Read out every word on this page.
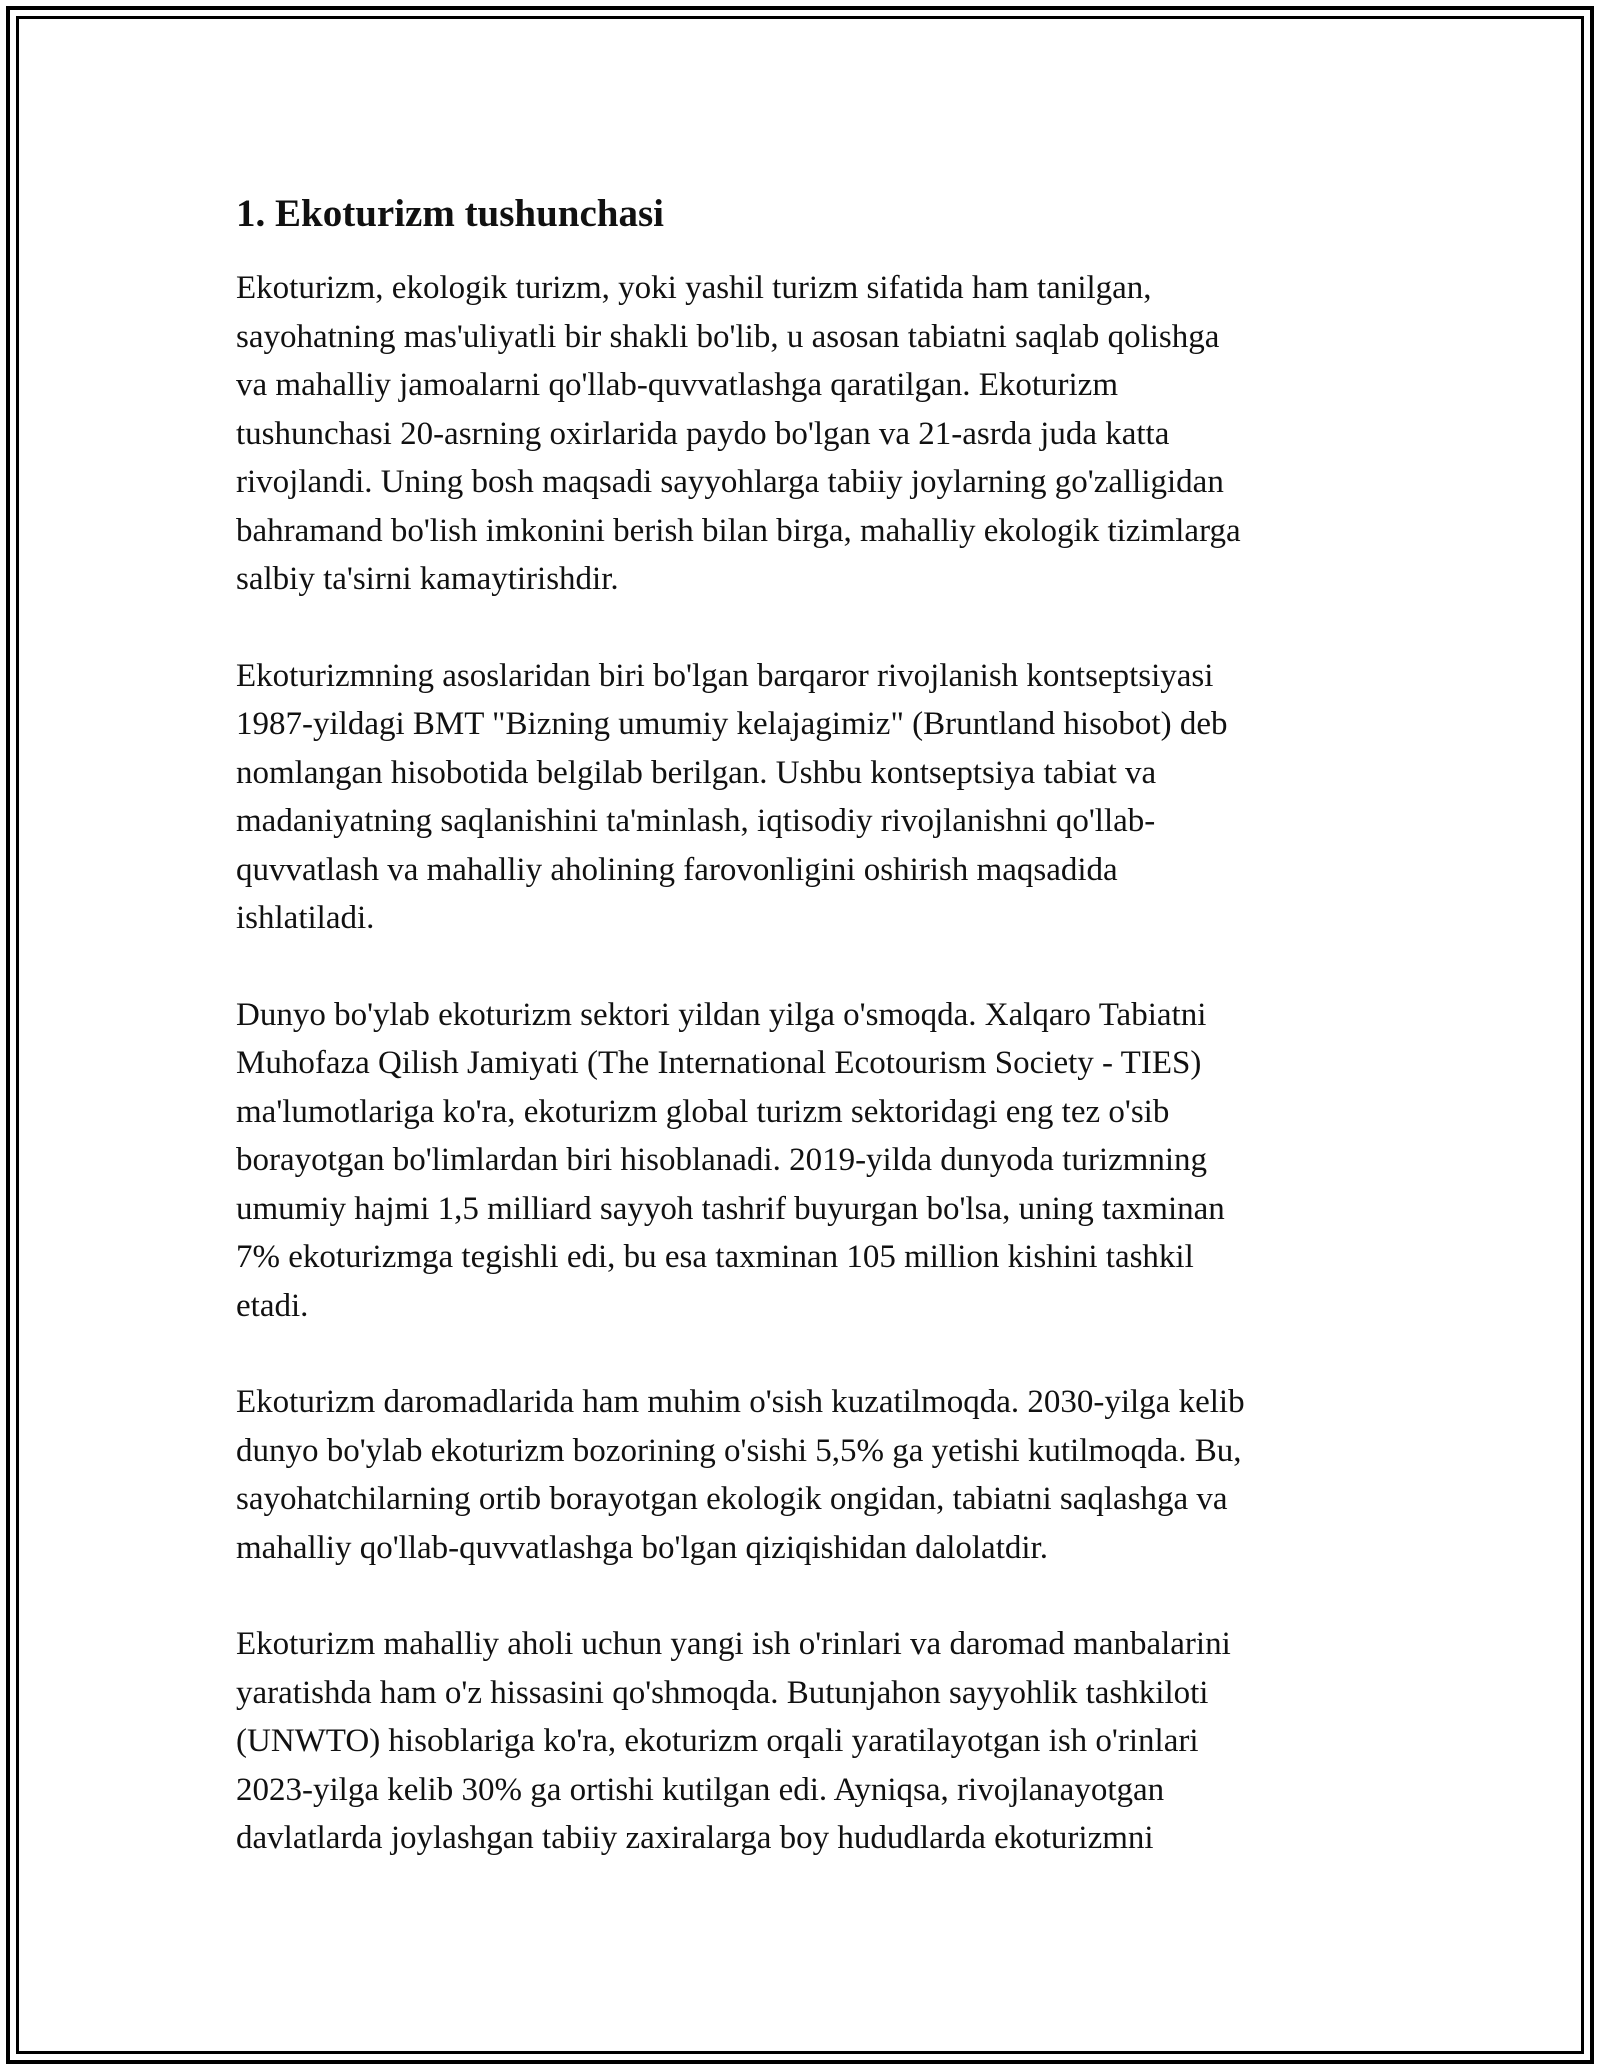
1. Ekoturizm tushunchasi

Ekoturizm, ekologik turizm, yoki yashil turizm sifatida ham tanilgan,
sayohatning mas'uliyatli bir shakli bo'lib, u asosan tabiatni saqlab qolishga
va mahalliy jamoalarni qo'llab-quvvatlashga qaratilgan. Ekoturizm
tushunchasi 20-asrning oxirlarida paydo bo'lgan va 21-asrda juda katta
rivojlandi. Uning bosh maqsadi sayyohlarga tabiiy joylarning go'zalligidan
bahramand bo'lish imkonini berish bilan birga, mahalliy ekologik tizimlarga
salbiy ta'sirni kamaytirishdir.

Ekoturizmning asoslaridan biri bo'lgan barqaror rivojlanish kontseptsiyasi
1987-yildagi BMT "Bizning umumiy kelajagimiz" (Bruntland hisobot) deb
nomlangan hisobotida belgilab berilgan. Ushbu kontseptsiya tabiat va
madaniyatning saqlanishini ta'minlash, iqtisodiy rivojlanishni qo'llab-
quvvatlash va mahalliy aholining farovonligini oshirish maqsadida
ishlatiladi.

Dunyo bo'ylab ekoturizm sektori yildan yilga o'smoqda. Xalqaro Tabiatni
Muhofaza Qilish Jamiyati (The International Ecotourism Society - TIES)
ma'lumotlariga ko'ra, ekoturizm global turizm sektoridagi eng tez o'sib
borayotgan bo'limlardan biri hisoblanadi. 2019-yilda dunyoda turizmning
umumiy hajmi 1,5 milliard sayyoh tashrif buyurgan bo'lsa, uning taxminan
7% ekoturizmga tegishli edi, bu esa taxminan 105 million kishini tashkil
etadi.

Ekoturizm daromadlarida ham muhim o'sish kuzatilmoqda. 2030-yilga kelib
dunyo bo'ylab ekoturizm bozorining o'sishi 5,5% ga yetishi kutilmoqda. Bu,
sayohatchilarning ortib borayotgan ekologik ongidan, tabiatni saqlashga va
mahalliy qo'llab-quvvatlashga bo'lgan qiziqishidan dalolatdir.

Ekoturizm mahalliy aholi uchun yangi ish o'rinlari va daromad manbalarini
yaratishda ham o'z hissasini qo'shmoqda. Butunjahon sayyohlik tashkiloti
(UNWTO) hisoblariga ko'ra, ekoturizm orqali yaratilayotgan ish o'rinlari
2023-yilga kelib 30% ga ortishi kutilgan edi. Ayniqsa, rivojlanayotgan
davlatlarda joylashgan tabiiy zaxiralarga boy hududlarda ekoturizmni
